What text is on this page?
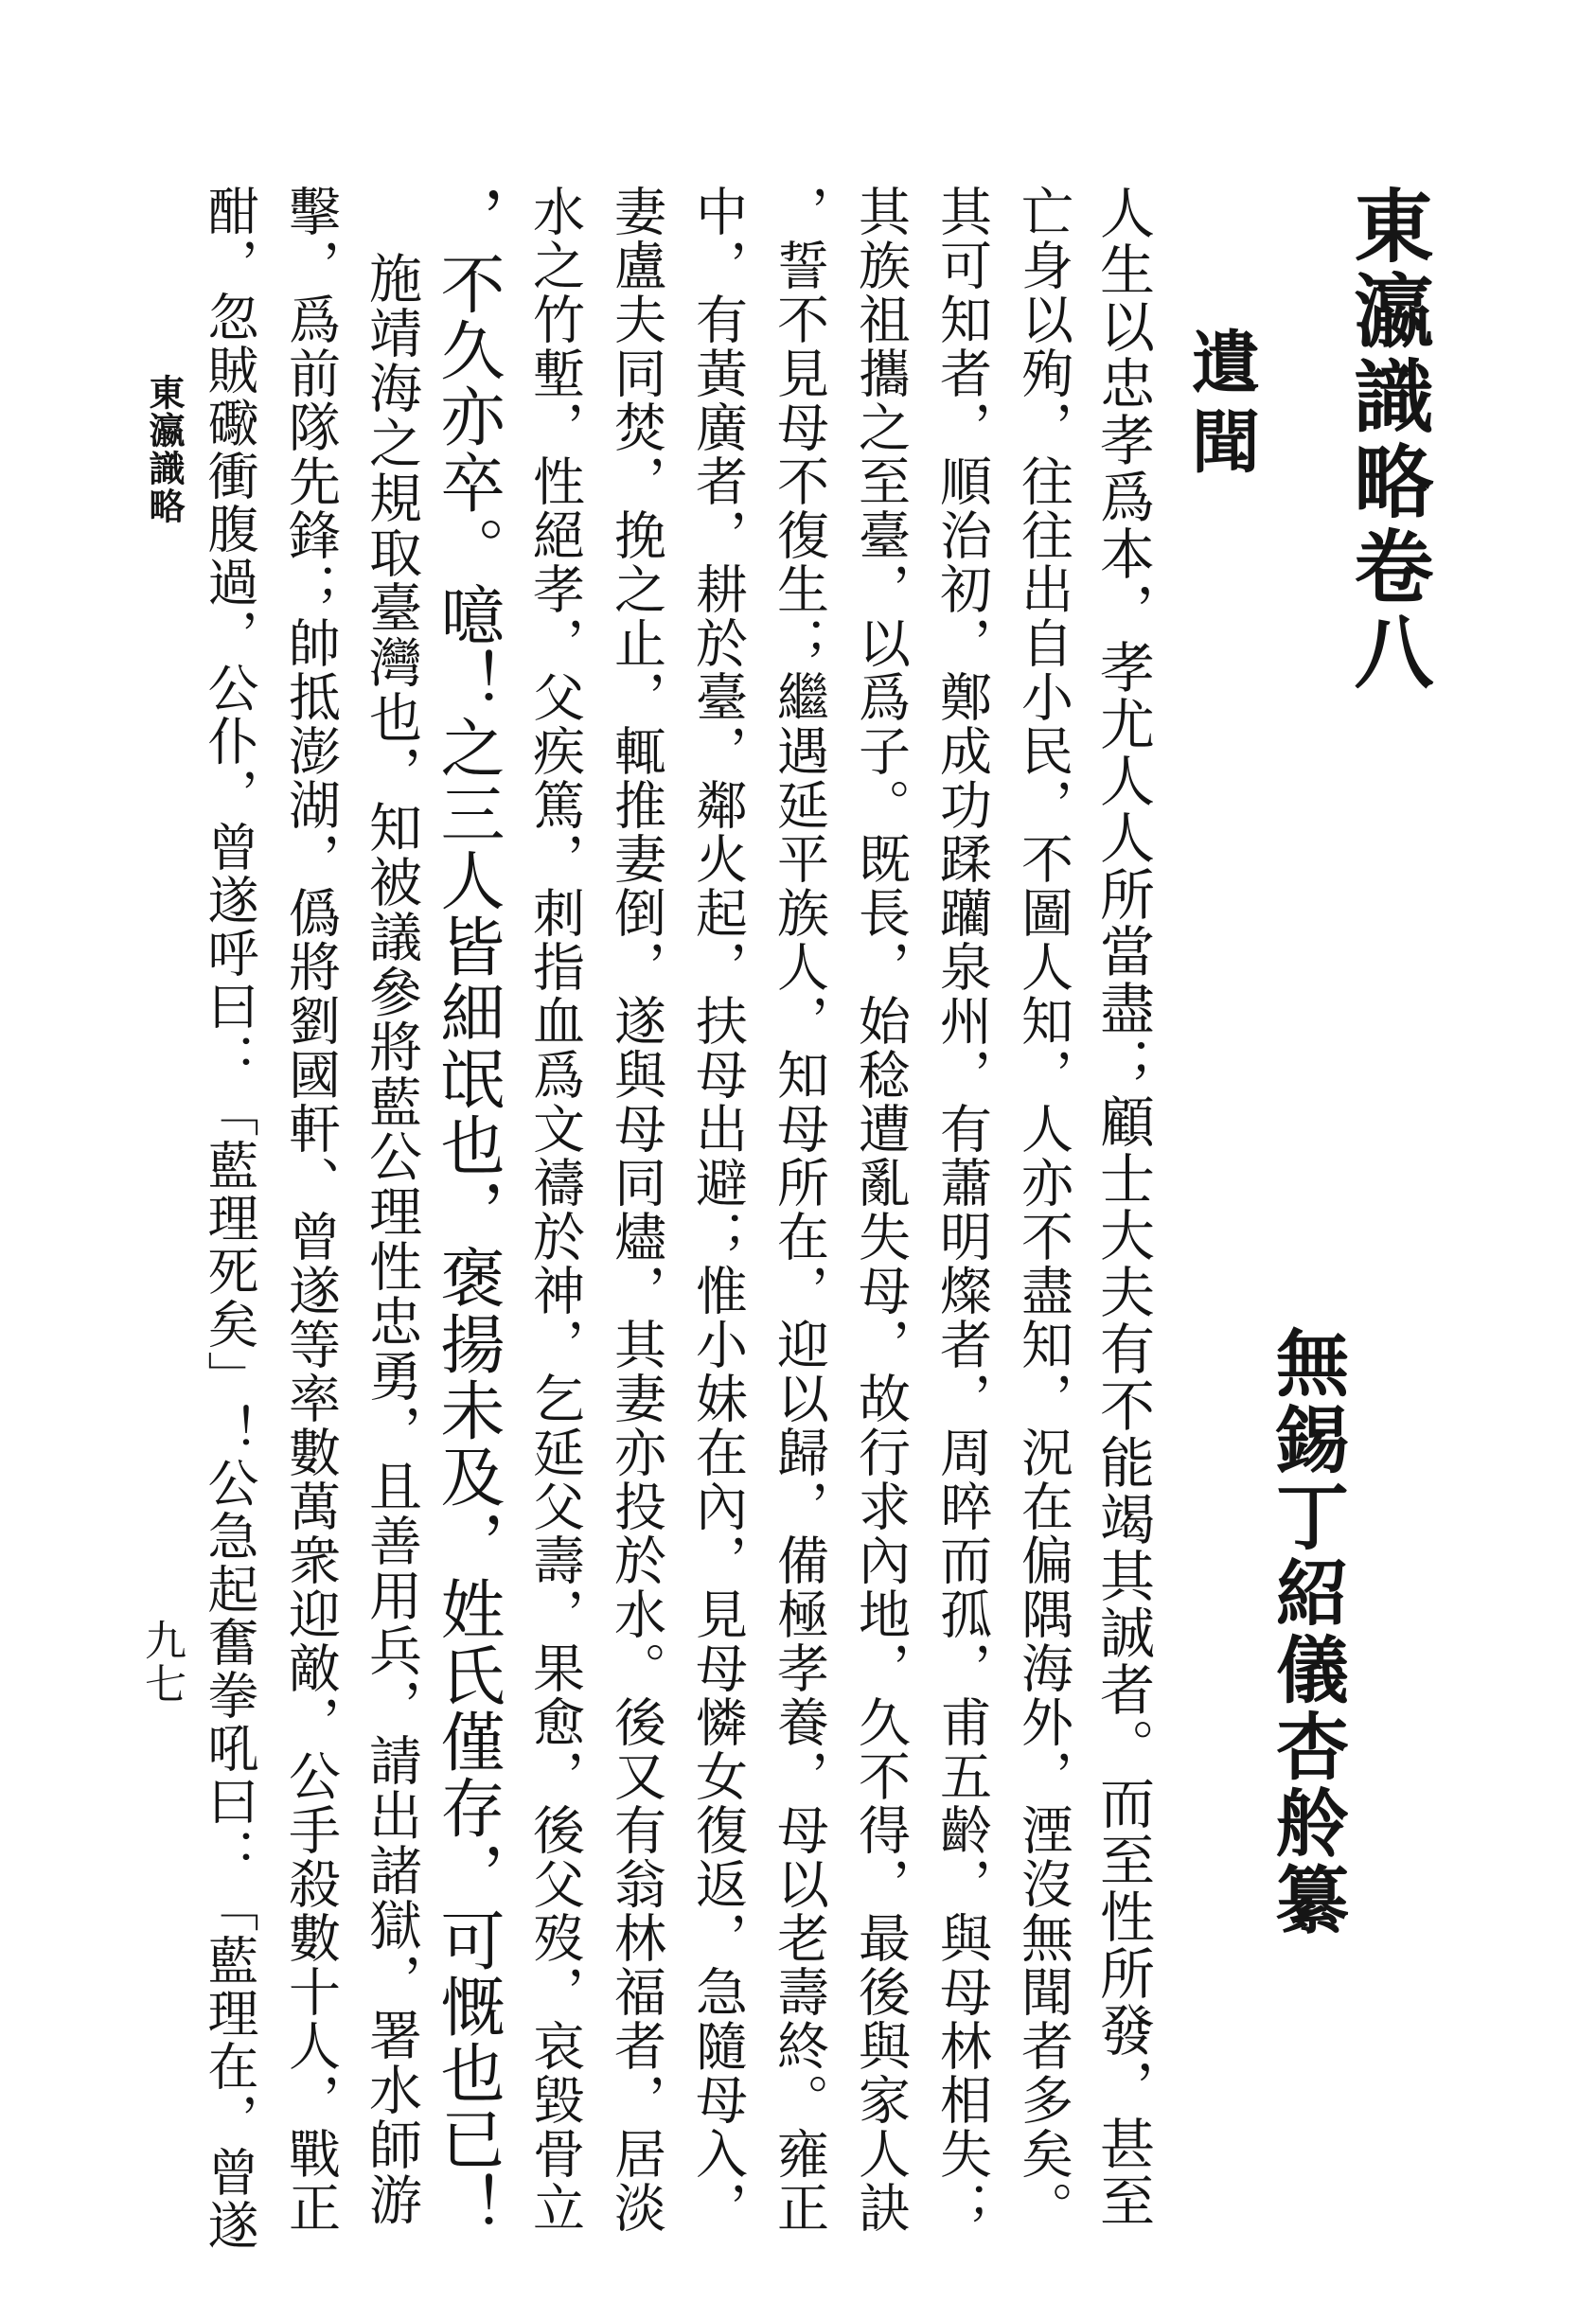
東瀛識略卷八
無錫丁紹儀杏舲纂
遺聞
人生以忠孝爲本，孝尤人人所當盡；顧士大夫有不能竭其誠者。而至性所發，甚至
亡身以殉，往往出自小民，不圖人知，人亦不盡知，況在偏隅海外，湮沒無聞者多矣。
其可知者，順治初，鄭成功蹂躪泉州，有蕭明燦者，周晬而孤，甫五齡，與母林相失；
其族祖攜之至臺，以爲子。既長，始稔遭亂失母，故行求內地，久不得，最後與家人訣
，誓不見母不復生；繼遇延平族人，知母所在，迎以歸，備極孝養，母以老壽終。雍正
中，有黃廣者，耕於臺，鄰火起，扶母出避；惟小妹在內，見母憐女復返，急隨母入，
妻盧夫同焚，挽之止，輒推妻倒，遂與母同燼，其妻亦投於水。後又有翁林福者，居淡
水之竹塹，性絕孝，父疾篤，刺指血爲文禱於神，乞延父壽，果愈，後父歿，哀毀骨立
，不久亦卒。噫！之三人皆細氓也，褒揚未及，姓氏僅存，可慨也已！
施靖海之規取臺灣也，知被議參將藍公理性忠勇，且善用兵，請出諸獄，署水師游
擊，爲前隊先鋒；帥抵澎湖，僞將劉國軒、曾遂等率數萬衆迎敵，公手殺數十人，戰正
酣，忽賊礮衝腹過，公仆，曾遂呼曰：「藍理死矣」！公急起奮拳吼曰：「藍理在，曾遂
東瀛識略
九七
